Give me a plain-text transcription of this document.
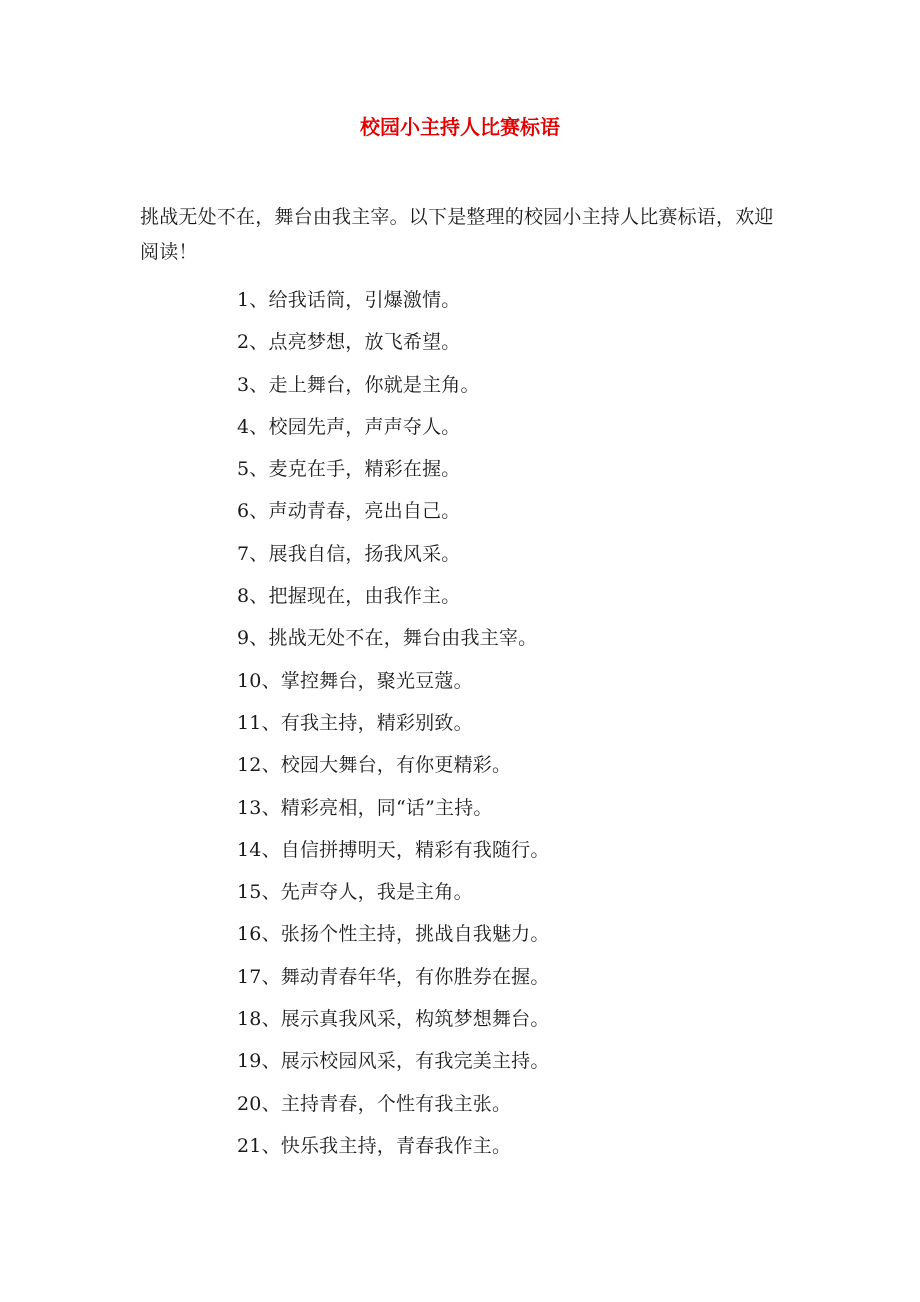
校园小主持人比赛标语
挑战无处不在，舞台由我主宰。以下是整理的校园小主持人比赛标语，欢迎阅读！
1、给我话筒，引爆激情。
2、点亮梦想，放飞希望。
3、走上舞台，你就是主角。
4、校园先声，声声夺人。
5、麦克在手，精彩在握。
6、声动青春，亮出自己。
7、展我自信，扬我风采。
8、把握现在，由我作主。
9、挑战无处不在，舞台由我主宰。
10、掌控舞台，聚光豆蔻。
11、有我主持，精彩别致。
12、校园大舞台，有你更精彩。
13、精彩亮相，同“话”主持。
14、自信拼搏明天，精彩有我随行。
15、先声夺人，我是主角。
16、张扬个性主持，挑战自我魅力。
17、舞动青春年华，有你胜券在握。
18、展示真我风采，构筑梦想舞台。
19、展示校园风采，有我完美主持。
20、主持青春，个性有我主张。
21、快乐我主持，青春我作主。
